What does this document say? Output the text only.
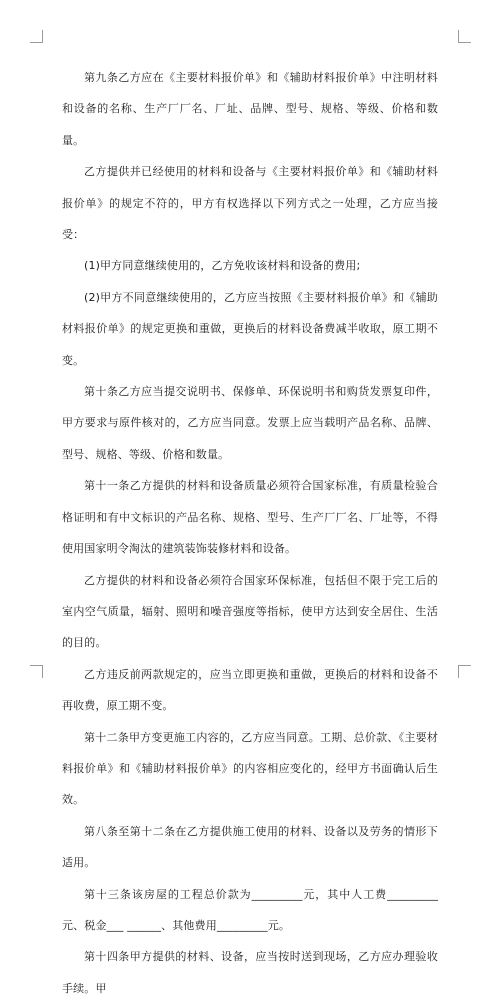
第九条乙方应在《主要材料报价单》和《辅助材料报价单》中注明材料和设备的名称、生产厂厂名、厂址、品牌、型号、规格、等级、价格和数量。

乙方提供并已经使用的材料和设备与《主要材料报价单》和《辅助材料报价单》的规定不符的，甲方有权选择以下列方式之一处理，乙方应当接受：

(1)甲方同意继续使用的，乙方免收该材料和设备的费用;

(2)甲方不同意继续使用的，乙方应当按照《主要材料报价单》和《辅助材料报价单》的规定更换和重做，更换后的材料设备费减半收取，原工期不变。

第十条乙方应当提交说明书、保修单、环保说明书和购货发票复印件，甲方要求与原件核对的，乙方应当同意。发票上应当载明产品名称、品牌、型号、规格、等级、价格和数量。

第十一条乙方提供的材料和设备质量必须符合国家标准，有质量检验合格证明和有中文标识的产品名称、规格、型号、生产厂厂名、厂址等，不得使用国家明令淘汰的建筑装饰装修材料和设备。

乙方提供的材料和设备必须符合国家环保标准，包括但不限于完工后的室内空气质量，辐射、照明和噪音强度等指标，使甲方达到安全居住、生活的目的。

乙方违反前两款规定的，应当立即更换和重做，更换后的材料和设备不再收费，原工期不变。

第十二条甲方变更施工内容的，乙方应当同意。工期、总价款、《主要材料报价单》和《辅助材料报价单》的内容相应变化的，经甲方书面确认后生效。

第八条至第十二条在乙方提供施工使用的材料、设备以及劳务的情形下适用。

第十三条该房屋的工程总价款为_________元，其中人工费_________元、税金___ ______、其他费用_________元。

第十四条甲方提供的材料、设备，应当按时送到现场，乙方应办理验收手续。甲
